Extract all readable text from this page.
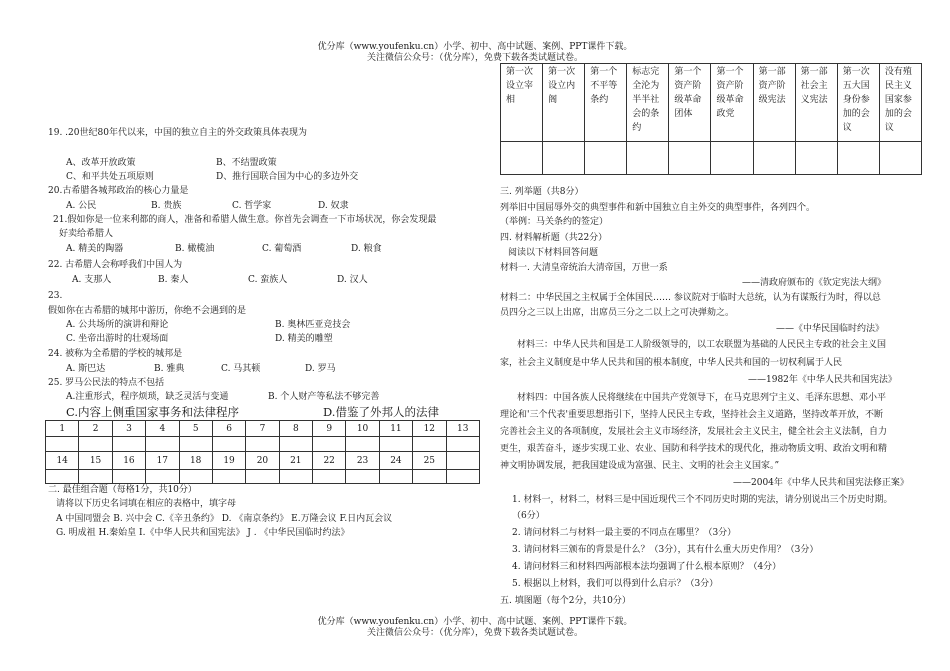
优分库（www.youfenku.cn）小学、初中、高中试题、案例、PPT课件下载。
关注微信公众号：（优分库），免费下载各类试题试卷。
19. .20世纪80年代以来，中国的独立自主的外交政策具体表现为
A、改革开放政策	B、不结盟政策
C、和平共处五项原则	D、推行国联合国为中心的多边外交
20.古希腊各城邦政治的核心力量是
A. 公民	B. 贵族	C. 哲学家	D. 奴隶
21.假如你是一位来利都的商人，准备和希腊人做生意。你首先会调查一下市场状况，你会发现最
好卖给希腊人
A. 精美的陶器	B. 橄榄油	C. 葡萄酒	D. 粮食
22. 古希腊人会称呼我们中国人为
A. 支那人	B. 秦人	C. 蛮族人	D. 汉人
23.
假如你在古希腊的城邦中游历，你绝不会遇到的是
A. 公共场所的演讲和辩论	B. 奥林匹亚竞技会
C. 坐帝出游时的壮观场面	D. 精美的雕塑
24. 被称为全希腊的学校的城邦是
A. 斯巴达	B. 雅典	C. 马其顿	D. 罗马
25. 罗马公民法的特点不包括
A.注重形式，程序烦琐，缺乏灵活与变通	B. 个人财产等私法不够完善
C.内容上侧重国家事务和法律程序	D.借鉴了外邦人的法律
1	2	3	4	5	6	7	8	9	10	11	12	13

14	15	16	17	18	19	20	21	22	23	24	25	

二. 最佳组合题（每格1分，共10分）
请将以下历史名词填在相应的表格中，填字母
A 中国同盟会 B. 兴中会 C.《辛丑条约》 D. 《南京条约》 E.万隆会议 F.日内瓦会议
G. 明成祖 H.秦始皇 I.《中华人民共和国宪法》 J . 《中华民国临时约法》
第一次设立宰相	第一次设立内阁	第一个不平等条约	标志完全沦为半半社会的条约	第一个资产阶级革命团体	第一个资产阶级革命政党	第一部资产阶级宪法	第一部社会主义宪法	第一次五大国身份参加的会议	没有殖民主义国家参加的会议

三. 列举题（共8分）
列举旧中国屈辱外交的典型事件和新中国独立自主外交的典型事件，各列四个。
（举例：马关条约的签定）
四. 材料解析题（共22分）
阅读以下材料回答问题
材料一. 大清皇帝统治大清帝国，万世一系
——清政府颁布的《钦定宪法大纲》
材料二：中华民国之主权属于全体国民…… 参议院对于临时大总统，认为有谋叛行为时，得以总
员四分之三以上出席，出席员三分之二以上之可决弹劾之。
——《中华民国临时约法》
材料三：中华人民共和国是工人阶级领导的，以工农联盟为基础的人民民主专政的社会主义国
家，社会主义制度是中华人民共和国的根本制度，中华人民共和国的一切权利属于人民
——1982年《中华人民共和国宪法》
材料四：中国各族人民将继续在中国共产党领导下，在马克思列宁主义、毛泽东思想、邓小平
理论和'三个代表'重要思想指引下，坚持人民民主专政，坚持社会主义道路，坚持改革开放，不断
完善社会主义的各项制度，发展社会主义市场经济，发展社会主义民主，健全社会主义法制，自力
更生，艰苦奋斗，逐步实现工业、农业、国防和科学技术的现代化，推动物质文明、政治文明和精
神文明协调发展，把我国建设成为富强、民主、文明的社会主义国家。”
——2004年《中华人民共和国宪法修正案》
1. 材料一，材料二，材料三是中国近现代三个不同历史时期的宪法，请分别说出三个历史时期。
（6分）
2. 请问材料二与材料一最主要的不同点在哪里？（3分）
3. 请问材料三颁布的背景是什么？（3分），其有什么重大历史作用？（3分）
4. 请问材料三和材料四两部根本法均强调了什么根本原则？（4分）
5. 根据以上材料，我们可以得到什么启示？（3分）
五. 填图题（每个2分，共10分）
优分库（www.youfenku.cn）小学、初中、高中试题、案例、PPT课件下载。
关注微信公众号：（优分库），免费下载各类试题试卷。
